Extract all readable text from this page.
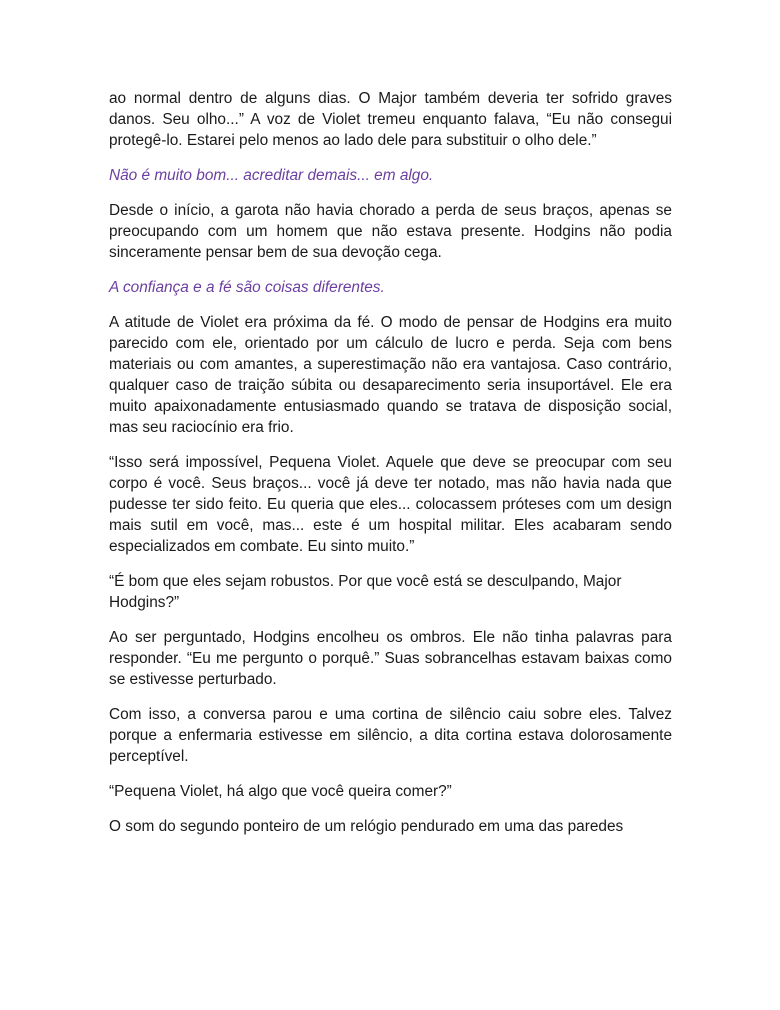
ao normal dentro de alguns dias. O Major também deveria ter sofrido graves danos. Seu olho...” A voz de Violet tremeu enquanto falava, “Eu não consegui protegê-lo. Estarei pelo menos ao lado dele para substituir o olho dele.”

Não é muito bom... acreditar demais... em algo.

Desde o início, a garota não havia chorado a perda de seus braços, apenas se preocupando com um homem que não estava presente. Hodgins não podia sinceramente pensar bem de sua devoção cega.

A confiança e a fé são coisas diferentes.

A atitude de Violet era próxima da fé. O modo de pensar de Hodgins era muito parecido com ele, orientado por um cálculo de lucro e perda. Seja com bens materiais ou com amantes, a superestimação não era vantajosa. Caso contrário, qualquer caso de traição súbita ou desaparecimento seria insuportável. Ele era muito apaixonadamente entusiasmado quando se tratava de disposição social, mas seu raciocínio era frio.

“Isso será impossível, Pequena Violet. Aquele que deve se preocupar com seu corpo é você. Seus braços... você já deve ter notado, mas não havia nada que pudesse ter sido feito. Eu queria que eles... colocassem próteses com um design mais sutil em você, mas... este é um hospital militar. Eles acabaram sendo especializados em combate. Eu sinto muito.”

“É bom que eles sejam robustos. Por que você está se desculpando, Major Hodgins?”

Ao ser perguntado, Hodgins encolheu os ombros. Ele não tinha palavras para responder. “Eu me pergunto o porquê.” Suas sobrancelhas estavam baixas como se estivesse perturbado.

Com isso, a conversa parou e uma cortina de silêncio caiu sobre eles. Talvez porque a enfermaria estivesse em silêncio, a dita cortina estava dolorosamente perceptível.

“Pequena Violet, há algo que você queira comer?”

O som do segundo ponteiro de um relógio pendurado em uma das paredes
